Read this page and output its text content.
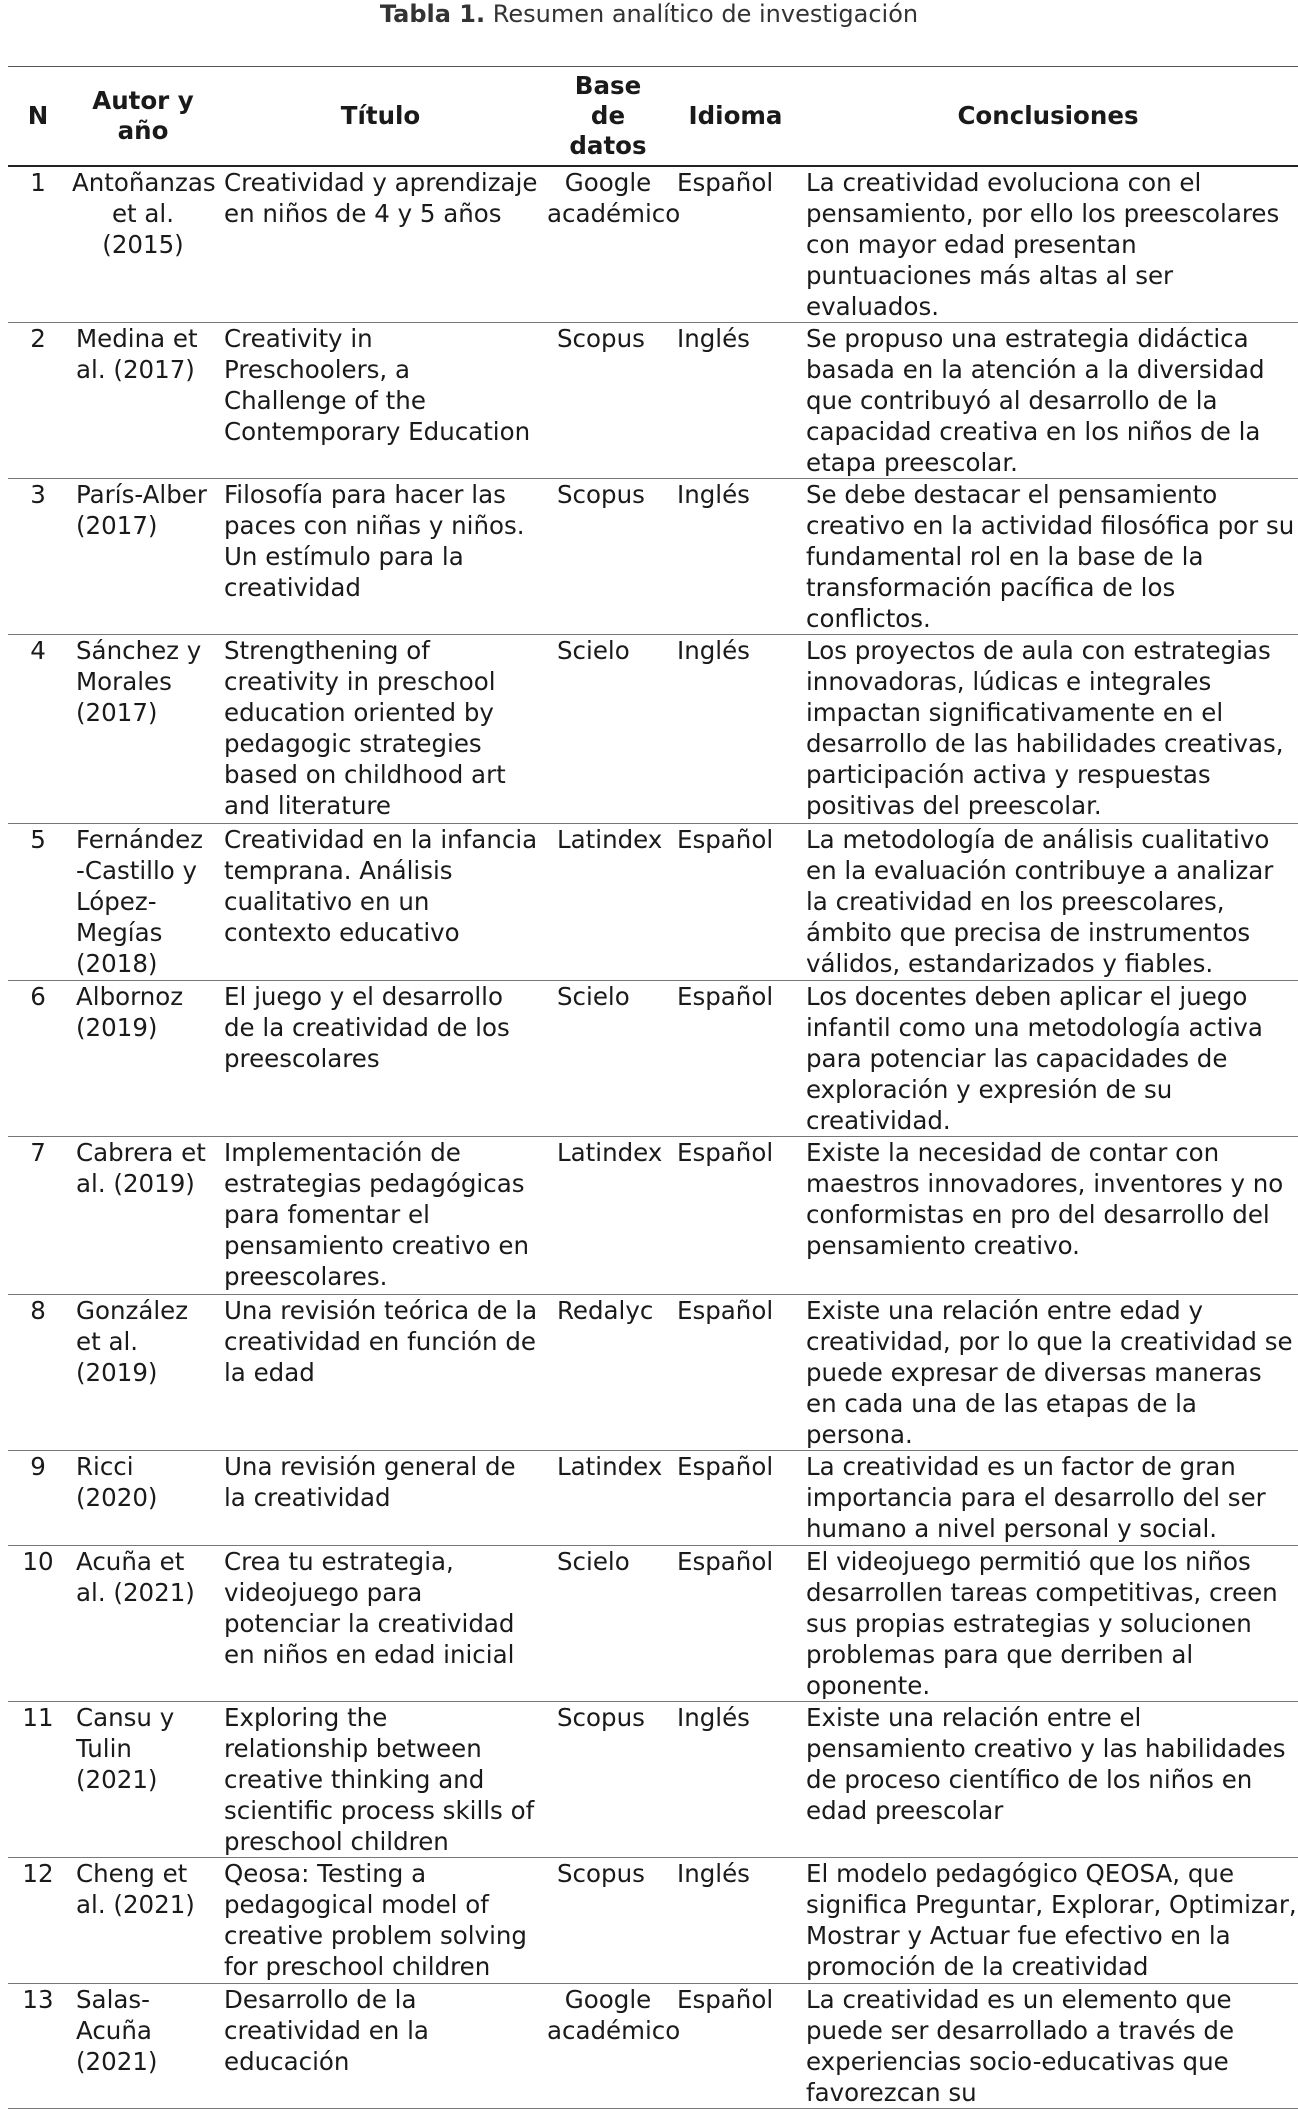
Tabla 1. Resumen analítico de investigación
N	Autor y año	Título	Base de datos	Idioma	Conclusiones
1	Antoñanzas et al. (2015)	Creatividad y aprendizaje en niños de 4 y 5 años	Google académico	Español	La creatividad evoluciona con el pensamiento, por ello los preescolares con mayor edad presentan puntuaciones más altas al ser evaluados.
2	Medina et al. (2017)	Creativity in Preschoolers, a Challenge of the Contemporary Education	Scopus	Inglés	Se propuso una estrategia didáctica basada en la atención a la diversidad que contribuyó al desarrollo de la capacidad creativa en los niños de la etapa preescolar.
3	París-Alber (2017)	Filosofía para hacer las paces con niñas y niños. Un estímulo para la creatividad	Scopus	Inglés	Se debe destacar el pensamiento creativo en la actividad filosófica por su fundamental rol en la base de la transformación pacífica de los conflictos.
4	Sánchez y Morales (2017)	Strengthening of creativity in preschool education oriented by pedagogic strategies based on childhood art and literature	Scielo	Inglés	Los proyectos de aula con estrategias innovadoras, lúdicas e integrales impactan significativamente en el desarrollo de las habilidades creativas, participación activa y respuestas positivas del preescolar.
5	Fernández -Castillo y López-Megías (2018)	Creatividad en la infancia temprana. Análisis cualitativo en un contexto educativo	Latindex	Español	La metodología de análisis cualitativo en la evaluación contribuye a analizar la creatividad en los preescolares, ámbito que precisa de instrumentos válidos, estandarizados y fiables.
6	Albornoz (2019)	El juego y el desarrollo de la creatividad de los preescolares	Scielo	Español	Los docentes deben aplicar el juego infantil como una metodología activa para potenciar las capacidades de exploración y expresión de su creatividad.
7	Cabrera et al. (2019)	Implementación de estrategias pedagógicas para fomentar el pensamiento creativo en preescolares.	Latindex	Español	Existe la necesidad de contar con maestros innovadores, inventores y no conformistas en pro del desarrollo del pensamiento creativo.
8	González et al. (2019)	Una revisión teórica de la creatividad en función de la edad	Redalyc	Español	Existe una relación entre edad y creatividad, por lo que la creatividad se puede expresar de diversas maneras en cada una de las etapas de la persona.
9	Ricci (2020)	Una revisión general de la creatividad	Latindex	Español	La creatividad es un factor de gran importancia para el desarrollo del ser humano a nivel personal y social.
10	Acuña et al. (2021)	Crea tu estrategia, videojuego para potenciar la creatividad en niños en edad inicial	Scielo	Español	El videojuego permitió que los niños desarrollen tareas competitivas, creen sus propias estrategias y solucionen problemas para que derriben al oponente.
11	Cansu y Tulin (2021)	Exploring the relationship between creative thinking and scientific process skills of preschool children	Scopus	Inglés	Existe una relación entre el pensamiento creativo y las habilidades de proceso científico de los niños en edad preescolar
12	Cheng et al. (2021)	Qeosa: Testing a pedagogical model of creative problem solving for preschool children	Scopus	Inglés	El modelo pedagógico QEOSA, que significa Preguntar, Explorar, Optimizar, Mostrar y Actuar fue efectivo en la promoción de la creatividad
13	Salas-Acuña (2021)	Desarrollo de la creatividad en la educación	Google académico	Español	La creatividad es un elemento que puede ser desarrollado a través de experiencias socio-educativas que favorezcan su
